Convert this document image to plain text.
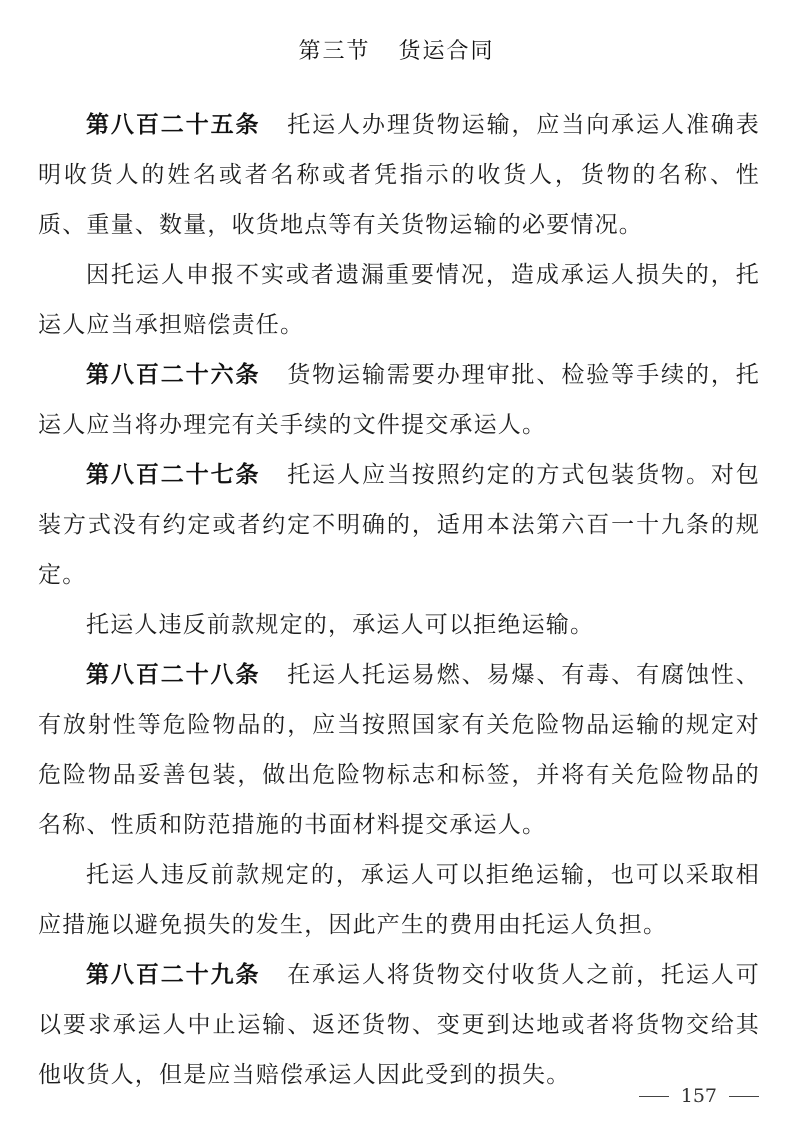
第三节 货运合同

第八百二十五条 托运人办理货物运输，应当向承运人准确表明收货人的姓名或者名称或者凭指示的收货人，货物的名称、性质、重量、数量，收货地点等有关货物运输的必要情况。

因托运人申报不实或者遗漏重要情况，造成承运人损失的，托运人应当承担赔偿责任。

第八百二十六条 货物运输需要办理审批、检验等手续的，托运人应当将办理完有关手续的文件提交承运人。

第八百二十七条 托运人应当按照约定的方式包装货物。对包装方式没有约定或者约定不明确的，适用本法第六百一十九条的规定。

托运人违反前款规定的，承运人可以拒绝运输。

第八百二十八条 托运人托运易燃、易爆、有毒、有腐蚀性、有放射性等危险物品的，应当按照国家有关危险物品运输的规定对危险物品妥善包装，做出危险物标志和标签，并将有关危险物品的名称、性质和防范措施的书面材料提交承运人。

托运人违反前款规定的，承运人可以拒绝运输，也可以采取相应措施以避免损失的发生，因此产生的费用由托运人负担。

第八百二十九条 在承运人将货物交付收货人之前，托运人可以要求承运人中止运输、返还货物、变更到达地或者将货物交给其他收货人，但是应当赔偿承运人因此受到的损失。

157
